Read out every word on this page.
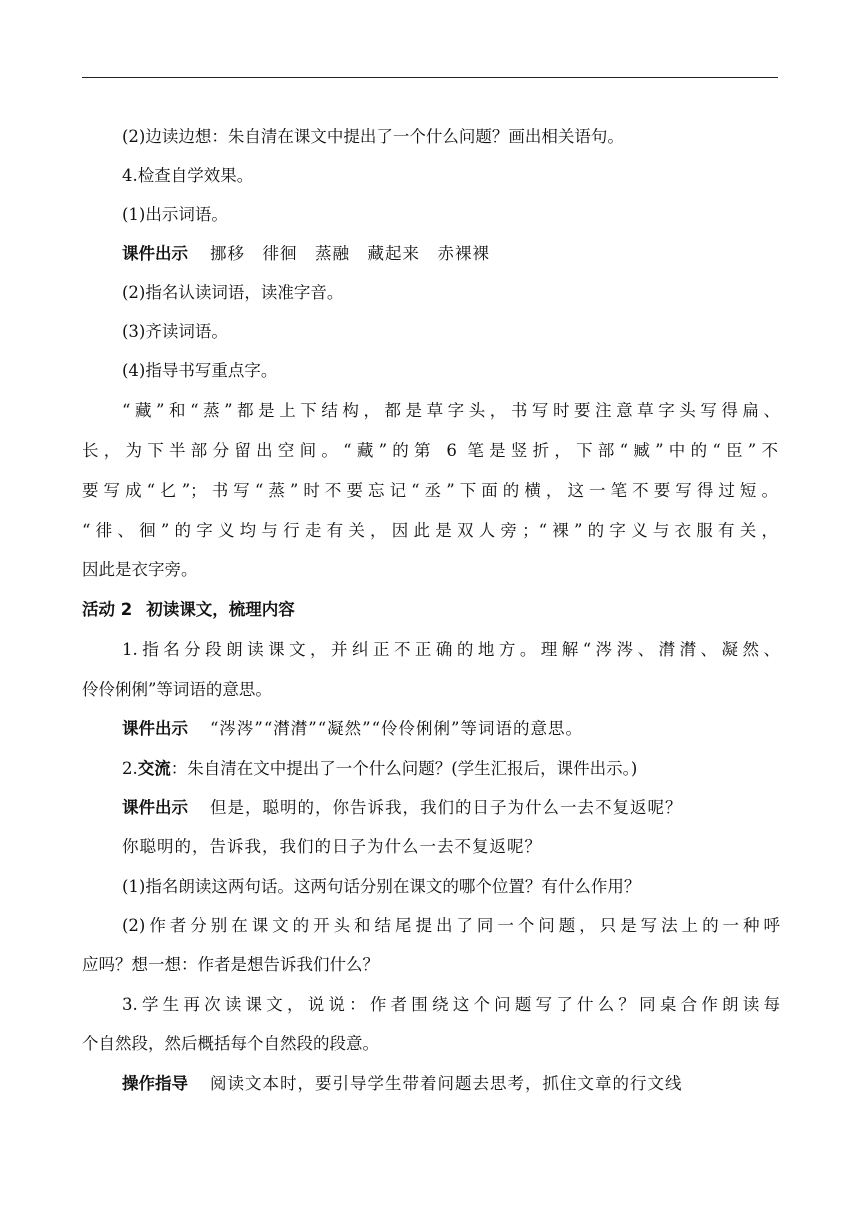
(2)边读边想：朱自清在课文中提出了一个什么问题？画出相关语句。
4.检查自学效果。
(1)出示词语。
课件出示 挪移　徘徊　蒸融　藏起来　赤裸裸
(2)指名认读词语，读准字音。
(3)齐读词语。
(4)指导书写重点字。
“藏”和“蒸”都是上下结构，都是草字头，书写时要注意草字头写得扁、
长，为下半部分留出空间。“藏”的第 6 笔是竖折，下部“臧”中的“臣”不
要写成“𠤎”；书写“蒸”时不要忘记“丞”下面的横，这一笔不要写得过短。
“徘、徊”的字义均与行走有关，因此是双人旁；“裸”的字义与衣服有关，
因此是衣字旁。
活动 2 初读课文，梳理内容
1.指名分段朗读课文，并纠正不正确的地方。理解“涔涔、潸潸、凝然、
伶伶俐俐”等词语的意思。
课件出示 “涔涔”“潸潸”“凝然”“伶伶俐俐”等词语的意思。
2.交流：朱自清在文中提出了一个什么问题？(学生汇报后，课件出示。)
课件出示 但是，聪明的，你告诉我，我们的日子为什么一去不复返呢？
你聪明的，告诉我，我们的日子为什么一去不复返呢？
(1)指名朗读这两句话。这两句话分别在课文的哪个位置？有什么作用？
(2)作者分别在课文的开头和结尾提出了同一个问题，只是写法上的一种呼
应吗？想一想：作者是想告诉我们什么？
3.学生再次读课文，说说：作者围绕这个问题写了什么？同桌合作朗读每
个自然段，然后概括每个自然段的段意。
操作指导 阅读文本时，要引导学生带着问题去思考，抓住文章的行文线
